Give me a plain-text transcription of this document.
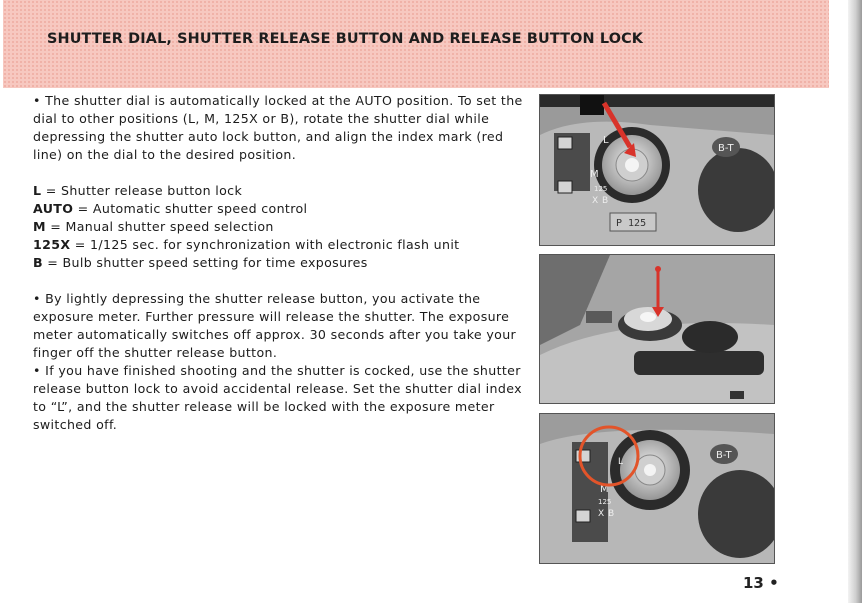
SHUTTER DIAL, SHUTTER RELEASE BUTTON AND RELEASE BUTTON LOCK

• The shutter dial is automatically locked at the AUTO position. To set the dial to other positions (L, M, 125X or B), rotate the shutter dial while depressing the shutter auto lock button, and align the index mark (red line) on the dial to the desired position.

L = Shutter release button lock

AUTO = Automatic shutter speed control

M = Manual shutter speed selection

125X = 1/125 sec. for synchronization with electronic flash unit

B = Bulb shutter speed setting for time exposures

• By lightly depressing the shutter release button, you activate the exposure meter. Further pressure will release the shutter. The exposure meter automatically switches off approx. 30 seconds after you take your finger off the shutter release button.

• If you have finished shooting and the shutter is cocked, use the shutter release button lock to avoid accidental release. Set the shutter dial index to “L”, and the shutter release will be locked with the exposure meter switched off.

B-T
L
M
125
X B
P 125
B-T
L
M
125
X B
13 •
